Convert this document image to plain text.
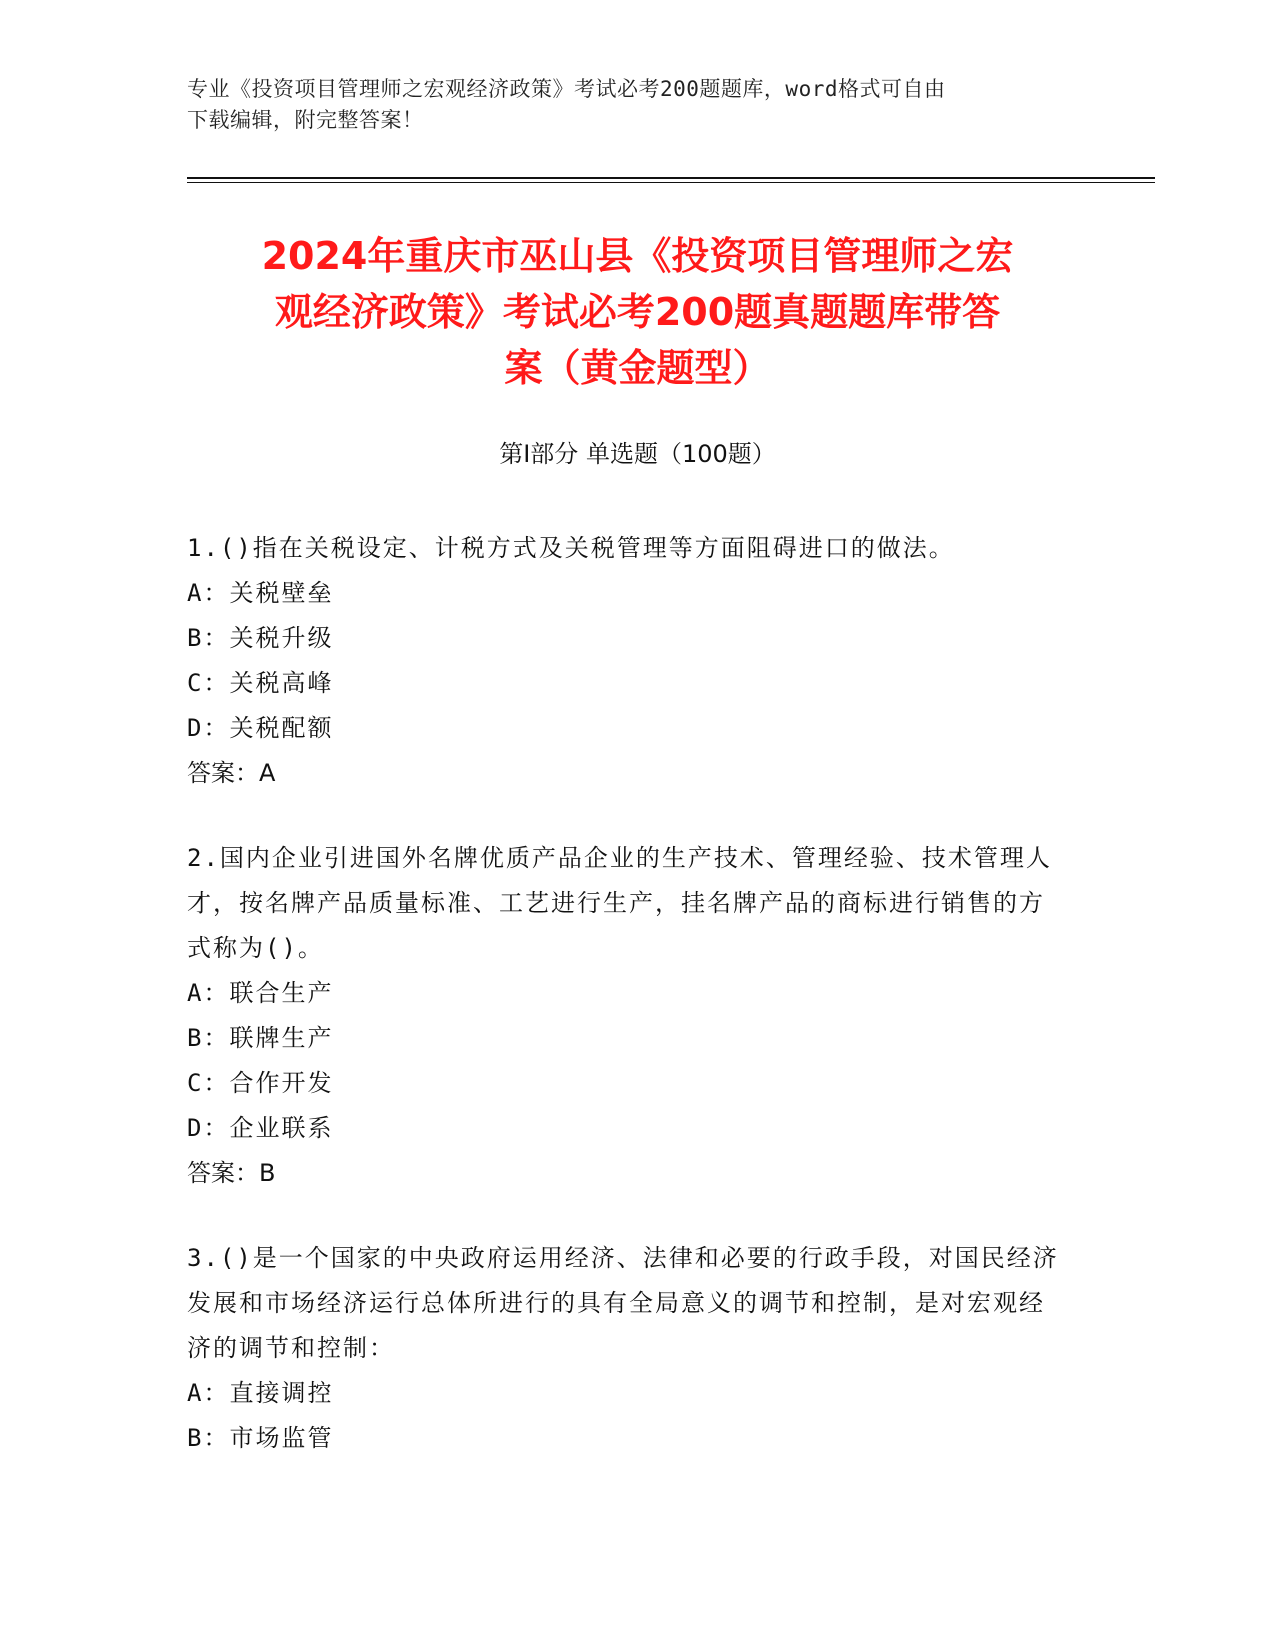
专业《投资项目管理师之宏观经济政策》考试必考200题题库，word格式可自由
下载编辑，附完整答案！
2024年重庆市巫山县《投资项目管理师之宏
观经济政策》考试必考200题真题题库带答
案（黄金题型）
第Ⅰ部分 单选题（100题）
1.()指在关税设定、计税方式及关税管理等方面阻碍进口的做法。
A：关税壁垒
B：关税升级
C：关税高峰
D：关税配额
答案：A
2.国内企业引进国外名牌优质产品企业的生产技术、管理经验、技术管理人才，按名牌产品质量标准、工艺进行生产，挂名牌产品的商标进行销售的方式称为()。
A：联合生产
B：联牌生产
C：合作开发
D：企业联系
答案：B
3.()是一个国家的中央政府运用经济、法律和必要的行政手段，对国民经济发展和市场经济运行总体所进行的具有全局意义的调节和控制，是对宏观经济的调节和控制：
A：直接调控
B：市场监管
